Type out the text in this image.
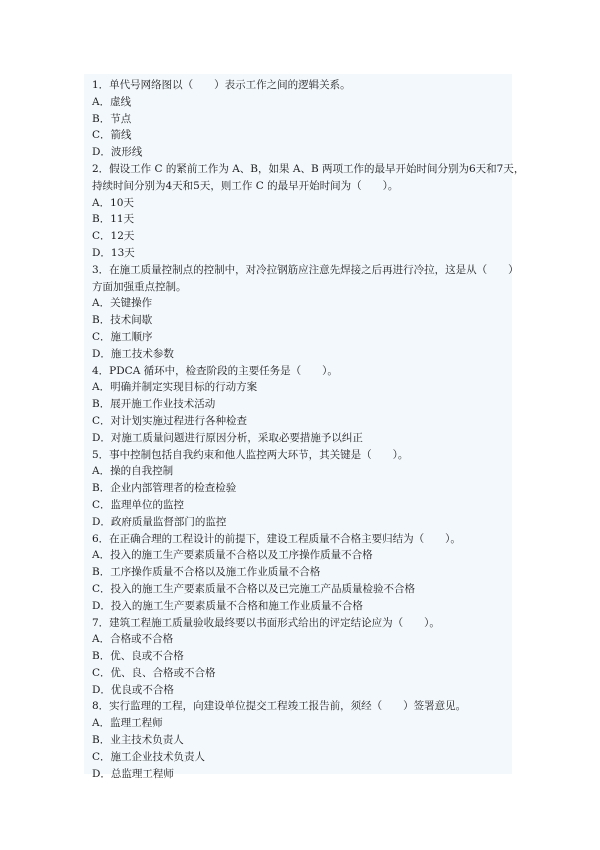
1．单代号网络图以（　　）表示工作之间的逻辑关系。
A．虚线
B．节点
C．箭线
D．波形线
2．假设工作 C 的紧前工作为 A、B，如果 A、B 两项工作的最早开始时间分别为6天和7天，
持续时间分别为4天和5天，则工作 C 的最早开始时间为（　　）。
A．10天
B．11天
C．12天
D．13天
3．在施工质量控制点的控制中，对冷拉钢筋应注意先焊接之后再进行冷拉，这是从（　　）
方面加强重点控制。
A．关键操作
B．技术间歇
C．施工顺序
D．施工技术参数
4．PDCA 循环中，检查阶段的主要任务是（　　）。
A．明确并制定实现目标的行动方案
B．展开施工作业技术活动
C．对计划实施过程进行各种检查
D．对施工质量问题进行原因分析，采取必要措施予以纠正
5．事中控制包括自我约束和他人监控两大环节，其关键是（　　）。
A．操的自我控制
B．企业内部管理者的检查检验
C．监理单位的监控
D．政府质量监督部门的监控
6．在正确合理的工程设计的前提下，建设工程质量不合格主要归结为（　　）。
A．投入的施工生产要素质量不合格以及工序操作质量不合格
B．工序操作质量不合格以及施工作业质量不合格
C．投入的施工生产要素质量不合格以及已完施工产品质量检验不合格
D．投入的施工生产要素质量不合格和施工作业质量不合格
7．建筑工程施工质量验收最终要以书面形式给出的评定结论应为（　　）。
A．合格或不合格
B．优、良或不合格
C．优、良、合格或不合格
D．优良或不合格
8．实行监理的工程，向建设单位提交工程竣工报告前，须经（　　）签署意见。
A．监理工程师
B．业主技术负责人
C．施工企业技术负责人
D．总监理工程师
